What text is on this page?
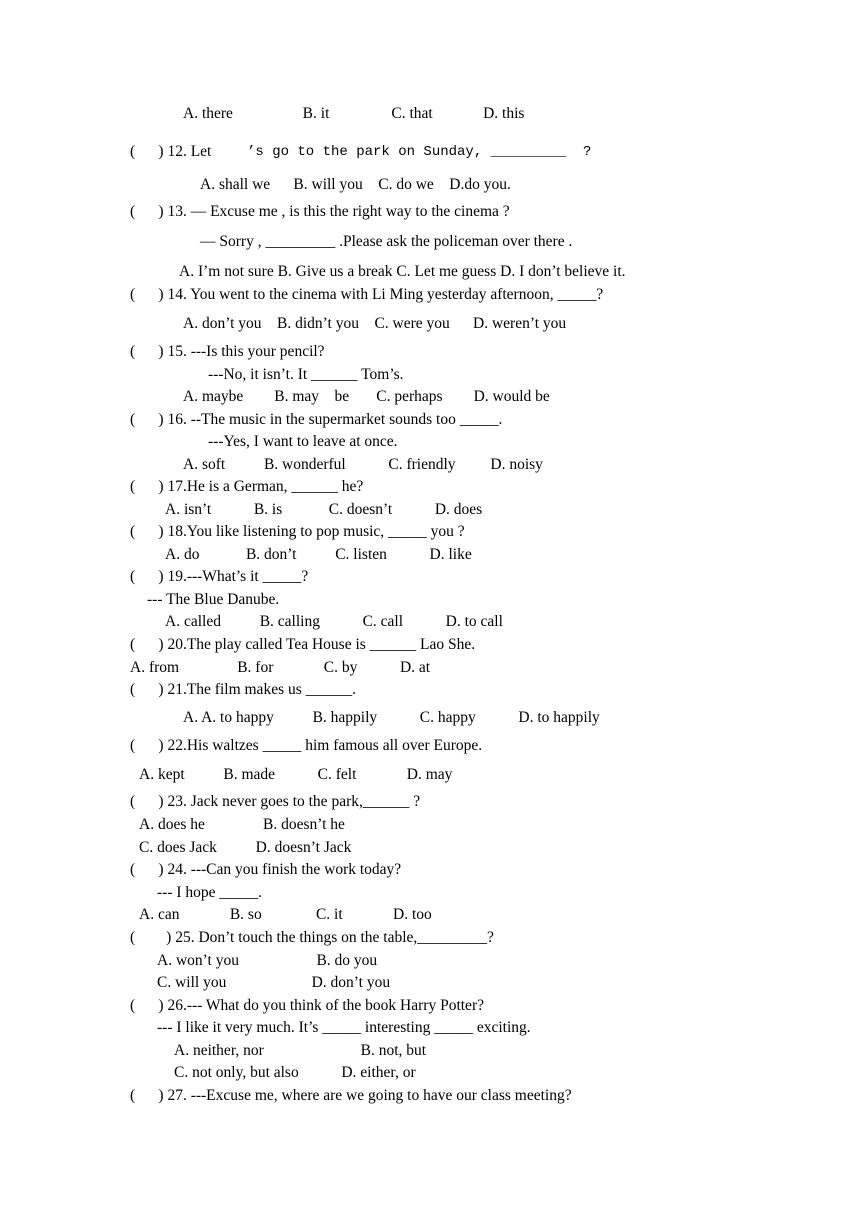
A. there                  B. it                C. that             D. this
(      ) 12. Let	’s go to the park on Sunday, _________  ?
A. shall we      B. will you    C. do we    D.do you.
(      ) 13. — Excuse me , is this the right way to the cinema ?
— Sorry , _________ .Please ask the policeman over there .
A. I’m not sure B. Give us a break C. Let me guess D. I don’t believe it.
(      ) 14. You went to the cinema with Li Ming yesterday afternoon, _____?
A. don’t you    B. didn’t you    C. were you      D. weren’t you
(      ) 15. ---Is this your pencil?
---No, it isn’t. It ______ Tom’s.
A. maybe        B. may    be       C. perhaps        D. would be
(      ) 16. --The music in the supermarket sounds too _____.
---Yes, I want to leave at once.
A. soft          B. wonderful           C. friendly         D. noisy
(      ) 17.He is a German, ______ he?
A. isn’t           B. is            C. doesn’t           D. does
(      ) 18.You like listening to pop music, _____ you ?
A. do            B. don’t          C. listen           D. like
(      ) 19.---What’s it _____?
--- The Blue Danube.
A. called          B. calling           C. call           D. to call
(      ) 20.The play called Tea House is ______ Lao She.
A. from               B. for             C. by           D. at
(      ) 21.The film makes us ______.
A. A. to happy          B. happily           C. happy           D. to happily
(      ) 22.His waltzes _____ him famous all over Europe.
A. kept          B. made           C. felt             D. may
(      ) 23. Jack never goes to the park,______ ?
A. does he               B. doesn’t he
C. does Jack          D. doesn’t Jack
(      ) 24. ---Can you finish the work today?
--- I hope _____.
A. can             B. so              C. it             D. too
(        ) 25. Don’t touch the things on the table,_________?
A. won’t you                    B. do you
C. will you                      D. don’t you
(      ) 26.--- What do you think of the book Harry Potter?
--- I like it very much. It’s _____ interesting _____ exciting.
A. neither, nor                         B. not, but
C. not only, but also           D. either, or
(      ) 27. ---Excuse me, where are we going to have our class meeting?
